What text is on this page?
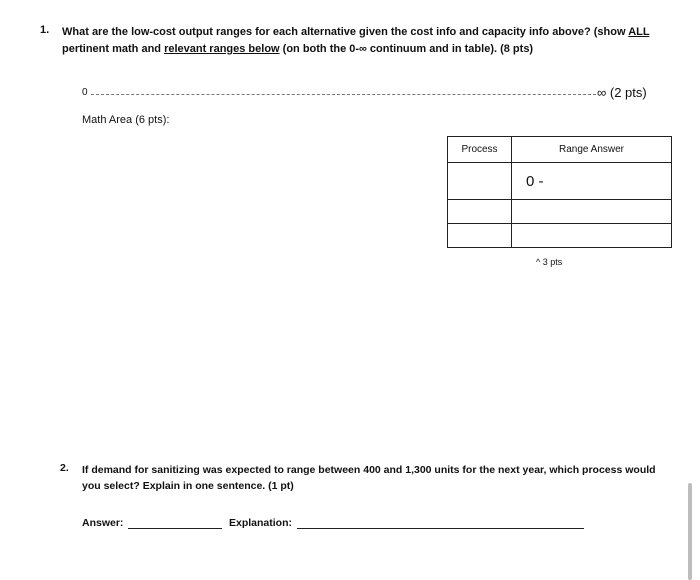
1. What are the low-cost output ranges for each alternative given the cost info and capacity info above? (show ALL pertinent math and relevant ranges below (on both the 0-∞ continuum and in table). (8 pts)
0	∞ (2 pts)
Math Area (6 pts):
Process	Range Answer
	0 -

^ 3 pts
2. If demand for sanitizing was expected to range between 400 and 1,300 units for the next year, which process would you select? Explain in one sentence. (1 pt)
Answer:	Explanation:
